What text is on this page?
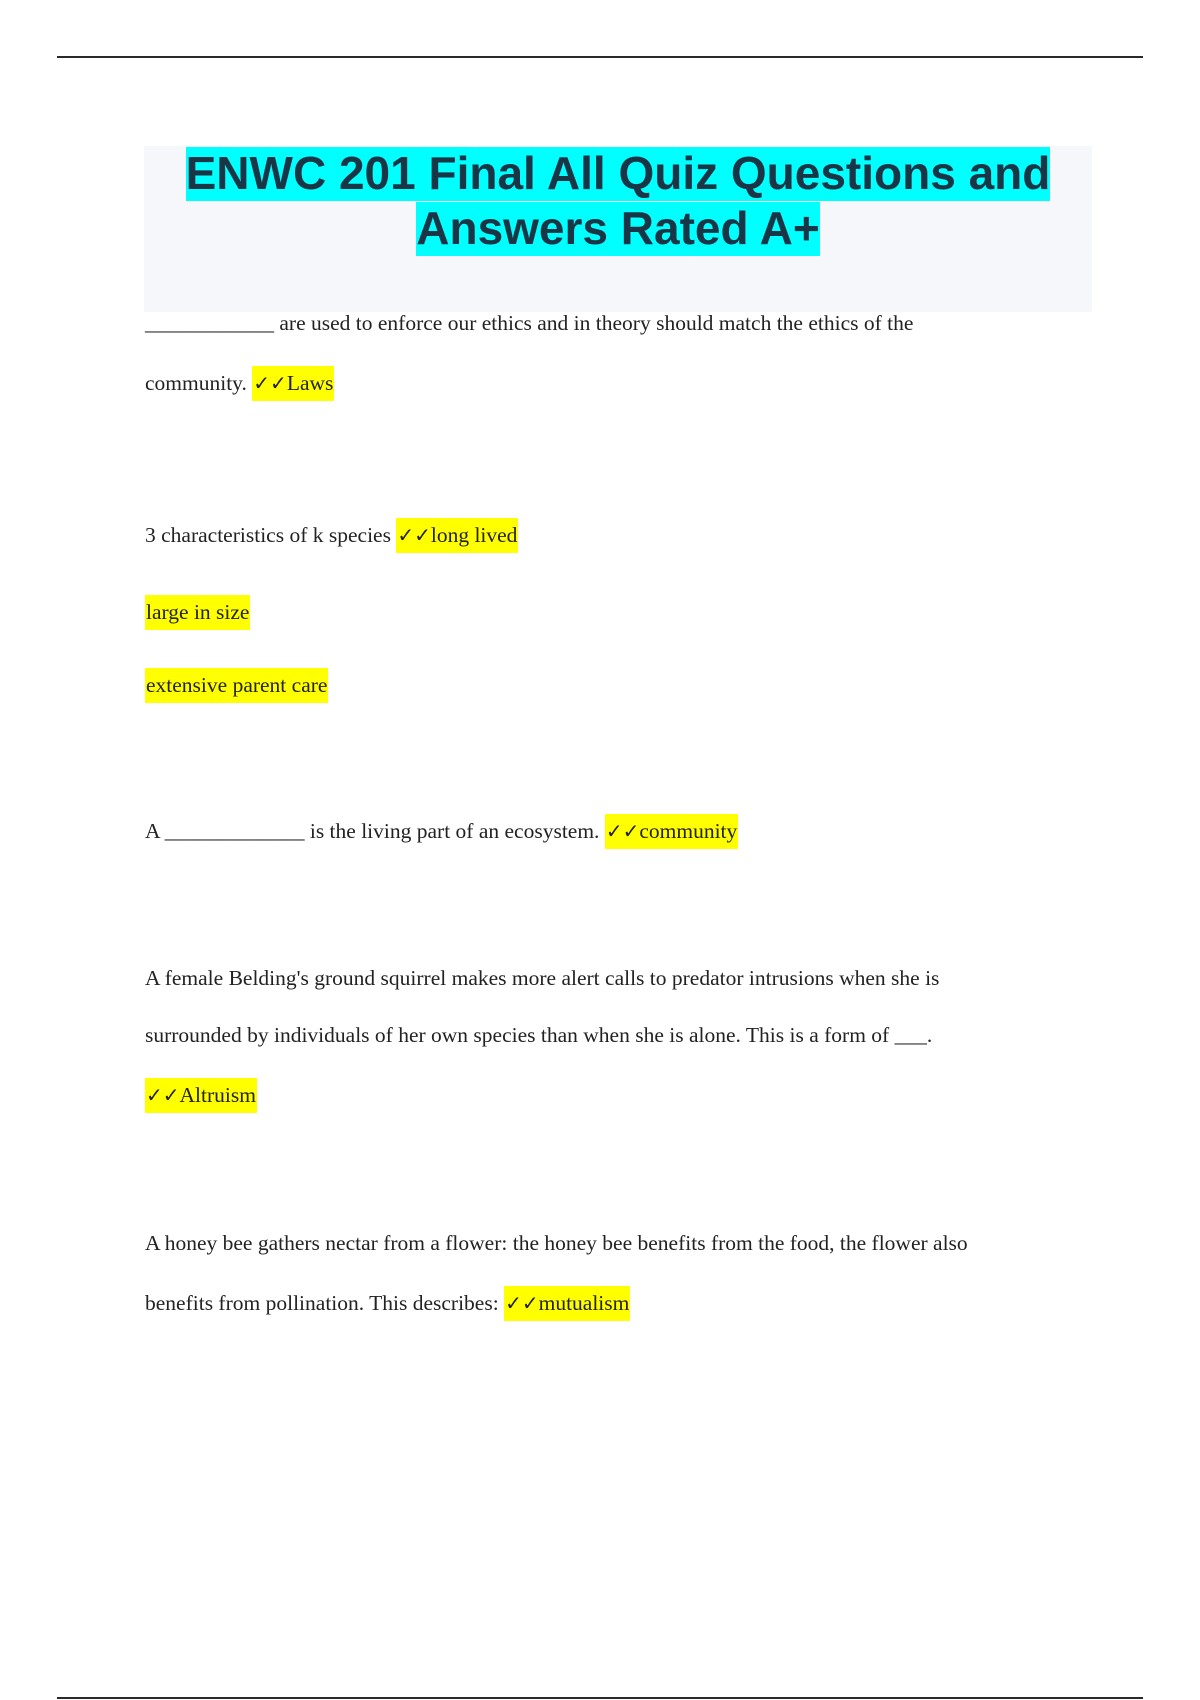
ENWC 201 Final All Quiz Questions and
Answers Rated A+

____________ are used to enforce our ethics and in theory should match the ethics of the

community. ✓✓Laws

3 characteristics of k species ✓✓long lived

large in size

extensive parent care

A _____________ is the living part of an ecosystem. ✓✓community

A female Belding's ground squirrel makes more alert calls to predator intrusions when she is

surrounded by individuals of her own species than when she is alone. This is a form of ___.

✓✓Altruism

A honey bee gathers nectar from a flower: the honey bee benefits from the food, the flower also

benefits from pollination. This describes: ✓✓mutualism
